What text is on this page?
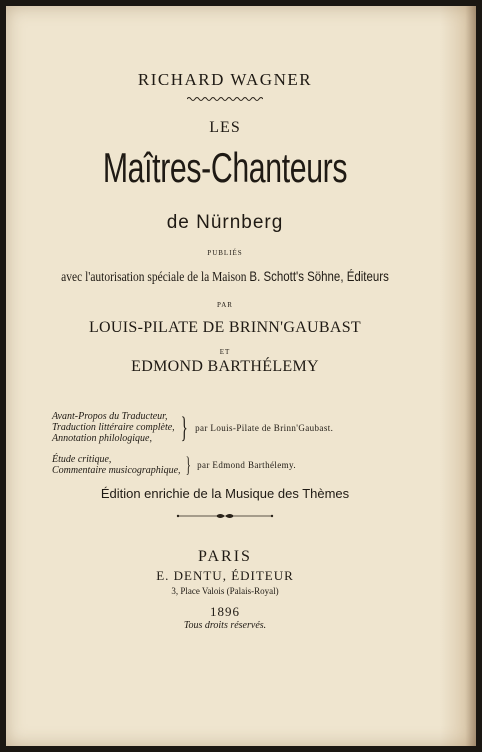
RICHARD WAGNER
LES
Maîtres-Chanteurs
de Nürnberg
PUBLIÉS
avec l'autorisation spéciale de la Maison B. Schott's Söhne, Éditeurs
PAR
LOUIS-PILATE DE BRINN'GAUBAST
ET
EDMOND BARTHÉLEMY
Avant-Propos du Traducteur,
Traduction littéraire complète,
Annotation philologique, } par Louis-Pilate de Brinn'Gaubast.
Étude critique,
Commentaire musicographique, } par Edmond Barthélemy.
Édition enrichie de la Musique des Thèmes
PARIS
E. DENTU, ÉDITEUR
3, Place Valois (Palais-Royal)
1896
Tous droits réservés.
